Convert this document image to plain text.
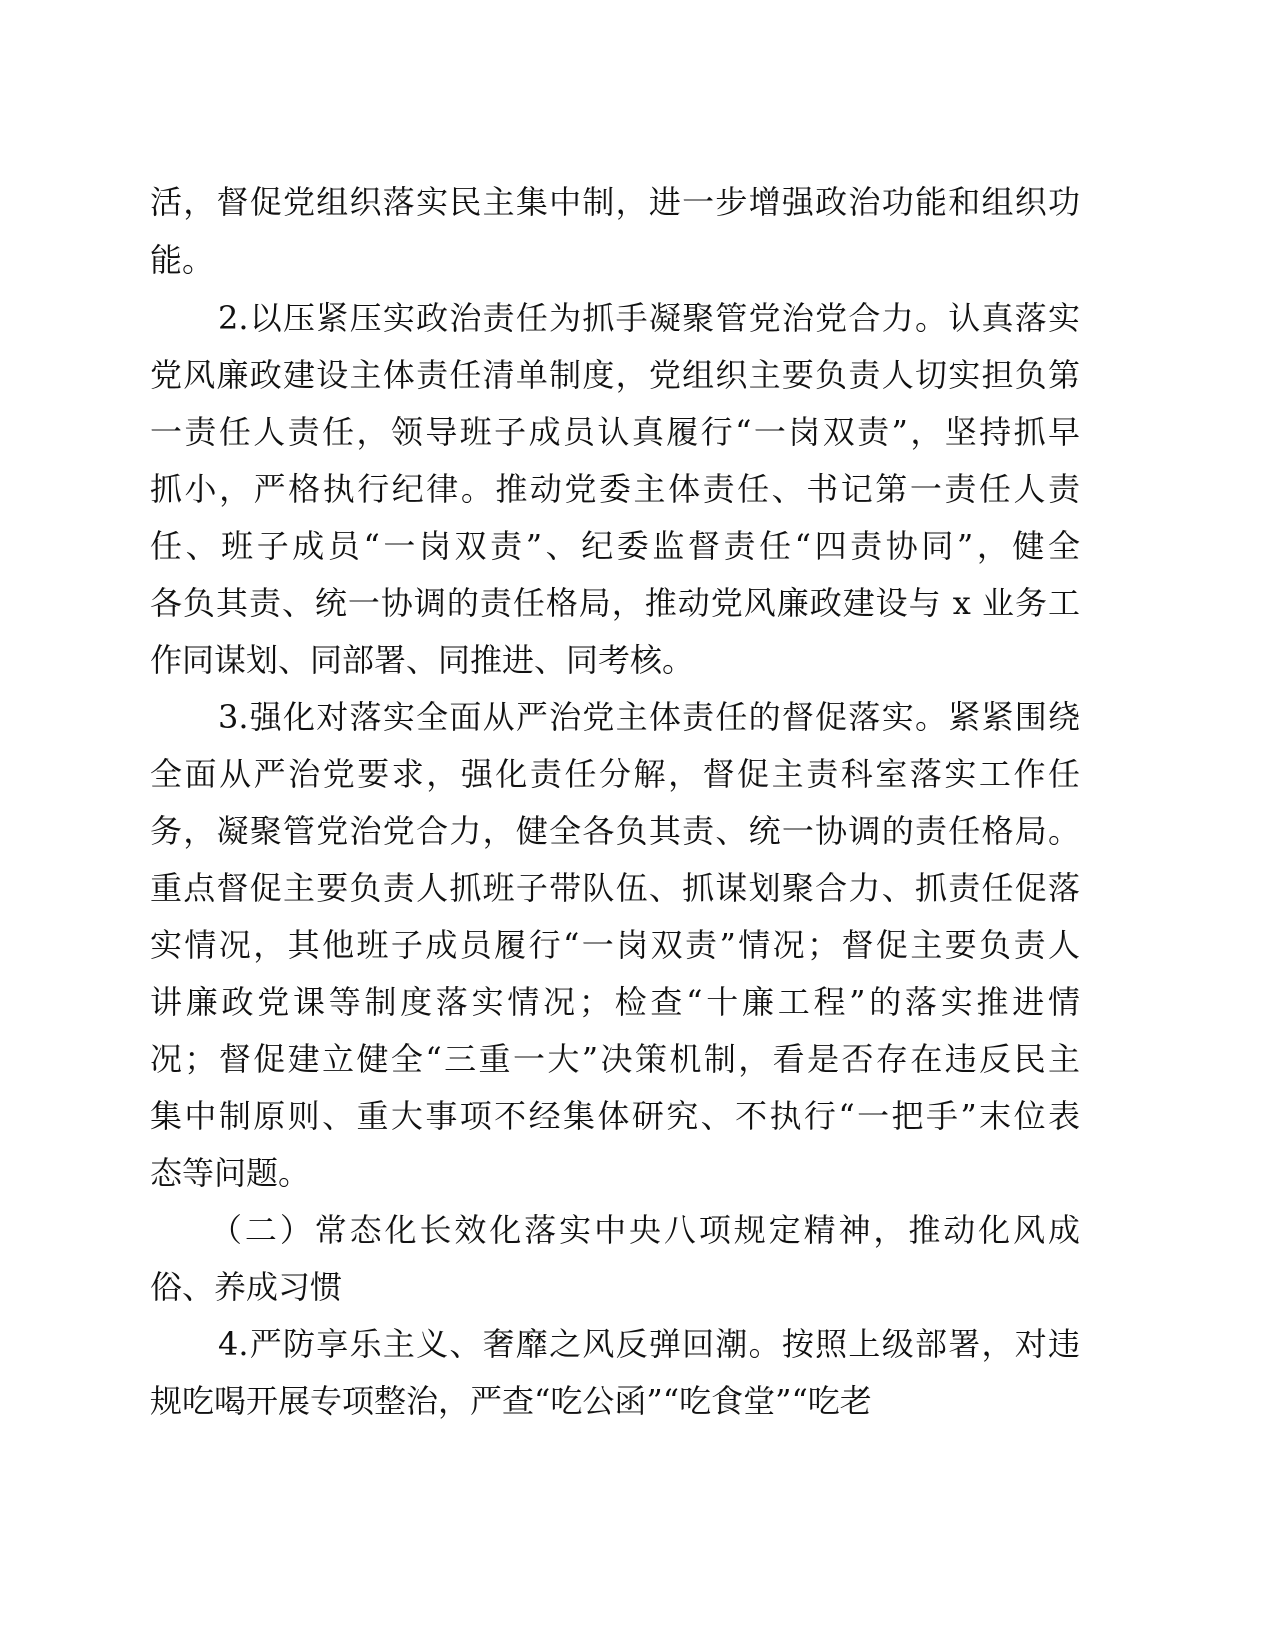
活，督促党组织落实民主集中制，进一步增强政治功能和组织功

能。

2.以压紧压实政治责任为抓手凝聚管党治党合力。认真落实

党风廉政建设主体责任清单制度，党组织主要负责人切实担负第

一责任人责任，领导班子成员认真履行“一岗双责”，坚持抓早

抓小，严格执行纪律。推动党委主体责任、书记第一责任人责

任、班子成员“一岗双责”、纪委监督责任“四责协同”，健全

各负其责、统一协调的责任格局，推动党风廉政建设与 x 业务工

作同谋划、同部署、同推进、同考核。

3.强化对落实全面从严治党主体责任的督促落实。紧紧围绕

全面从严治党要求，强化责任分解，督促主责科室落实工作任

务，凝聚管党治党合力，健全各负其责、统一协调的责任格局。

重点督促主要负责人抓班子带队伍、抓谋划聚合力、抓责任促落

实情况，其他班子成员履行“一岗双责”情况；督促主要负责人

讲廉政党课等制度落实情况；检查“十廉工程”的落实推进情

况；督促建立健全“三重一大”决策机制，看是否存在违反民主

集中制原则、重大事项不经集体研究、不执行“一把手”末位表

态等问题。

（二）常态化长效化落实中央八项规定精神，推动化风成

俗、养成习惯

4.严防享乐主义、奢靡之风反弹回潮。按照上级部署，对违

规吃喝开展专项整治，严查“吃公函”“吃食堂”“吃老
